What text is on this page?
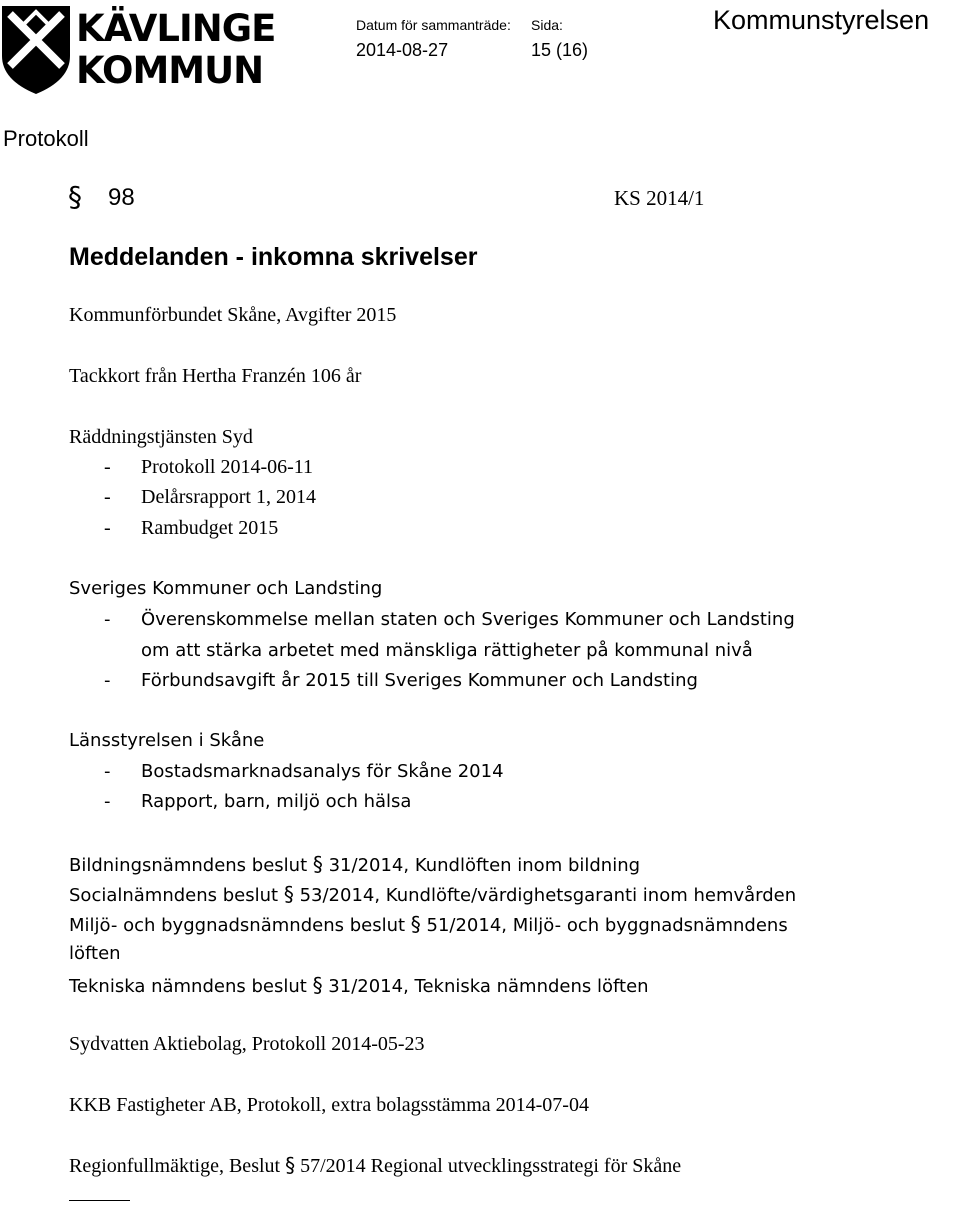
KÄVLINGE
KOMMUN
Datum för sammanträde:
2014-08-27
Sida:
15 (16)
Kommunstyrelsen
Protokoll
§ 98	KS 2014/1
Meddelanden - inkomna skrivelser
Kommunförbundet Skåne, Avgifter 2015
Tackkort från Hertha Franzén 106 år
Räddningstjänsten Syd
- Protokoll 2014-06-11
- Delårsrapport 1, 2014
- Rambudget 2015
Sveriges Kommuner och Landsting
- Överenskommelse mellan staten och Sveriges Kommuner och Landsting
om att stärka arbetet med mänskliga rättigheter på kommunal nivå
- Förbundsavgift år 2015 till Sveriges Kommuner och Landsting
Länsstyrelsen i Skåne
- Bostadsmarknadsanalys för Skåne 2014
- Rapport, barn, miljö och hälsa
Bildningsnämndens beslut § 31/2014, Kundlöften inom bildning
Socialnämndens beslut § 53/2014, Kundlöfte/värdighetsgaranti inom hemvården
Miljö- och byggnadsnämndens beslut § 51/2014, Miljö- och byggnadsnämndens
löften
Tekniska nämndens beslut § 31/2014, Tekniska nämndens löften
Sydvatten Aktiebolag, Protokoll 2014-05-23
KKB Fastigheter AB, Protokoll, extra bolagsstämma 2014-07-04
Regionfullmäktige, Beslut § 57/2014 Regional utvecklingsstrategi för Skåne
